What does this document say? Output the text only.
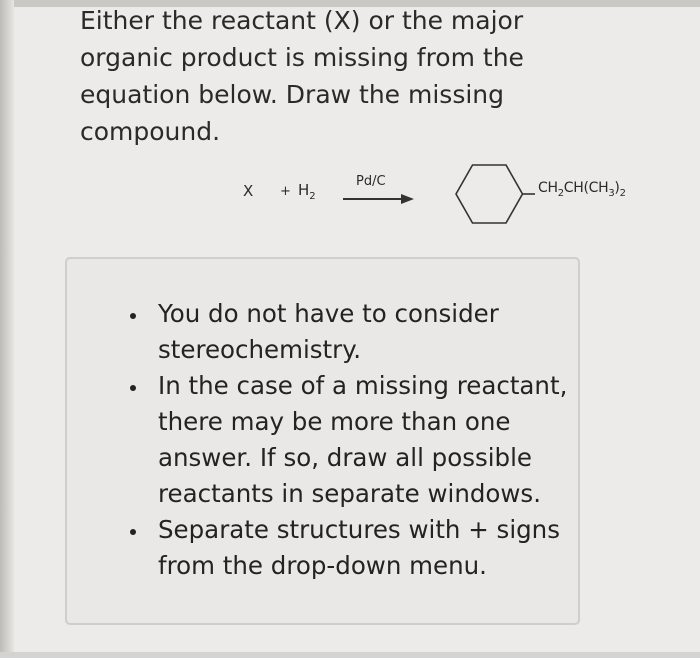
Either the reactant (X) or the major organic product is missing from the equation below. Draw the missing compound.

$X + H_2$
Pd/C	$CH_2CH(CH_3)_2$
You do not have to consider stereochemistry.
In the case of a missing reactant, there may be more than one answer. If so, draw all possible reactants in separate windows.
Separate structures with + signs from the drop-down menu.
